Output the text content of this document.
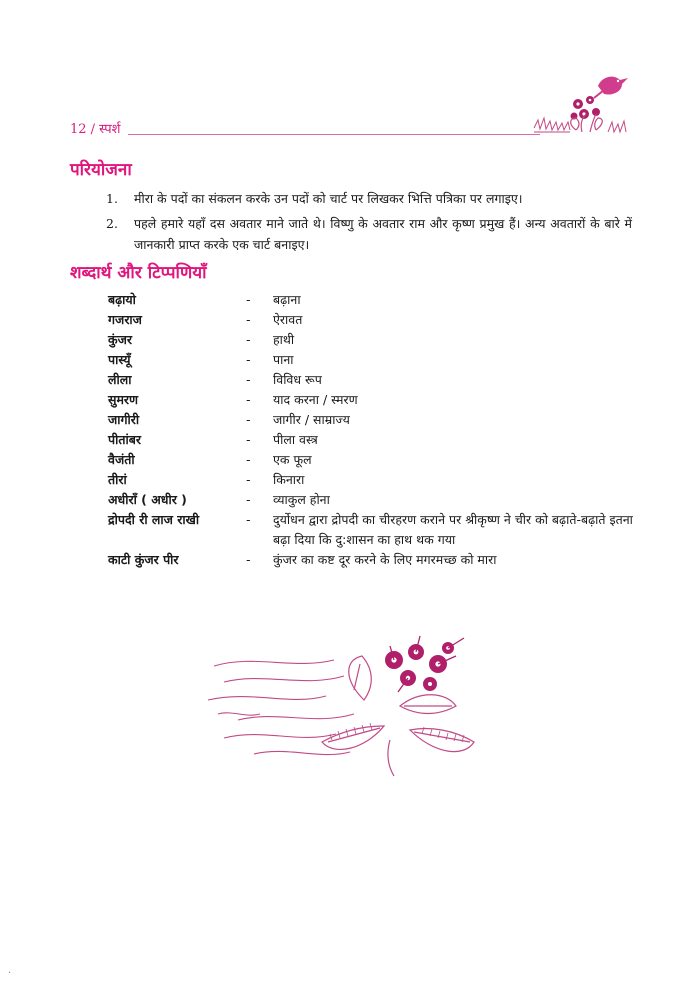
12 / स्पर्श
परियोजना
1.	मीरा के पदों का संकलन करके उन पदों को चार्ट पर लिखकर भित्ति पत्रिका पर लगाइए।
2.	पहले हमारे यहाँ दस अवतार माने जाते थे। विष्णु के अवतार राम और कृष्ण प्रमुख हैं। अन्य अवतारों के बारे में जानकारी प्राप्त करके एक चार्ट बनाइए।
शब्दार्थ और टिप्पणियाँ
बढ़ायो	-	बढ़ाना
गजराज	-	ऐरावत
कुंजर	-	हाथी
पास्यूँ	-	पाना
लीला	-	विविध रूप
सुमरण	-	याद करना / स्मरण
जागीरी	-	जागीर / साम्राज्य
पीतांबर	-	पीला वस्त्र
वैजंती	-	एक फूल
तीरां	-	किनारा
अधीराँ ( अधीर )	-	व्याकुल होना
द्रोपदी री लाज राखी	-	दुर्योधन द्वारा द्रोपदी का चीरहरण कराने पर श्रीकृष्ण ने चीर को बढ़ाते-बढ़ाते इतना बढ़ा दिया कि दु:शासन का हाथ थक गया
काटी कुंजर पीर	-	कुंजर का कष्ट दूर करने के लिए मगरमच्छ को मारा
·
